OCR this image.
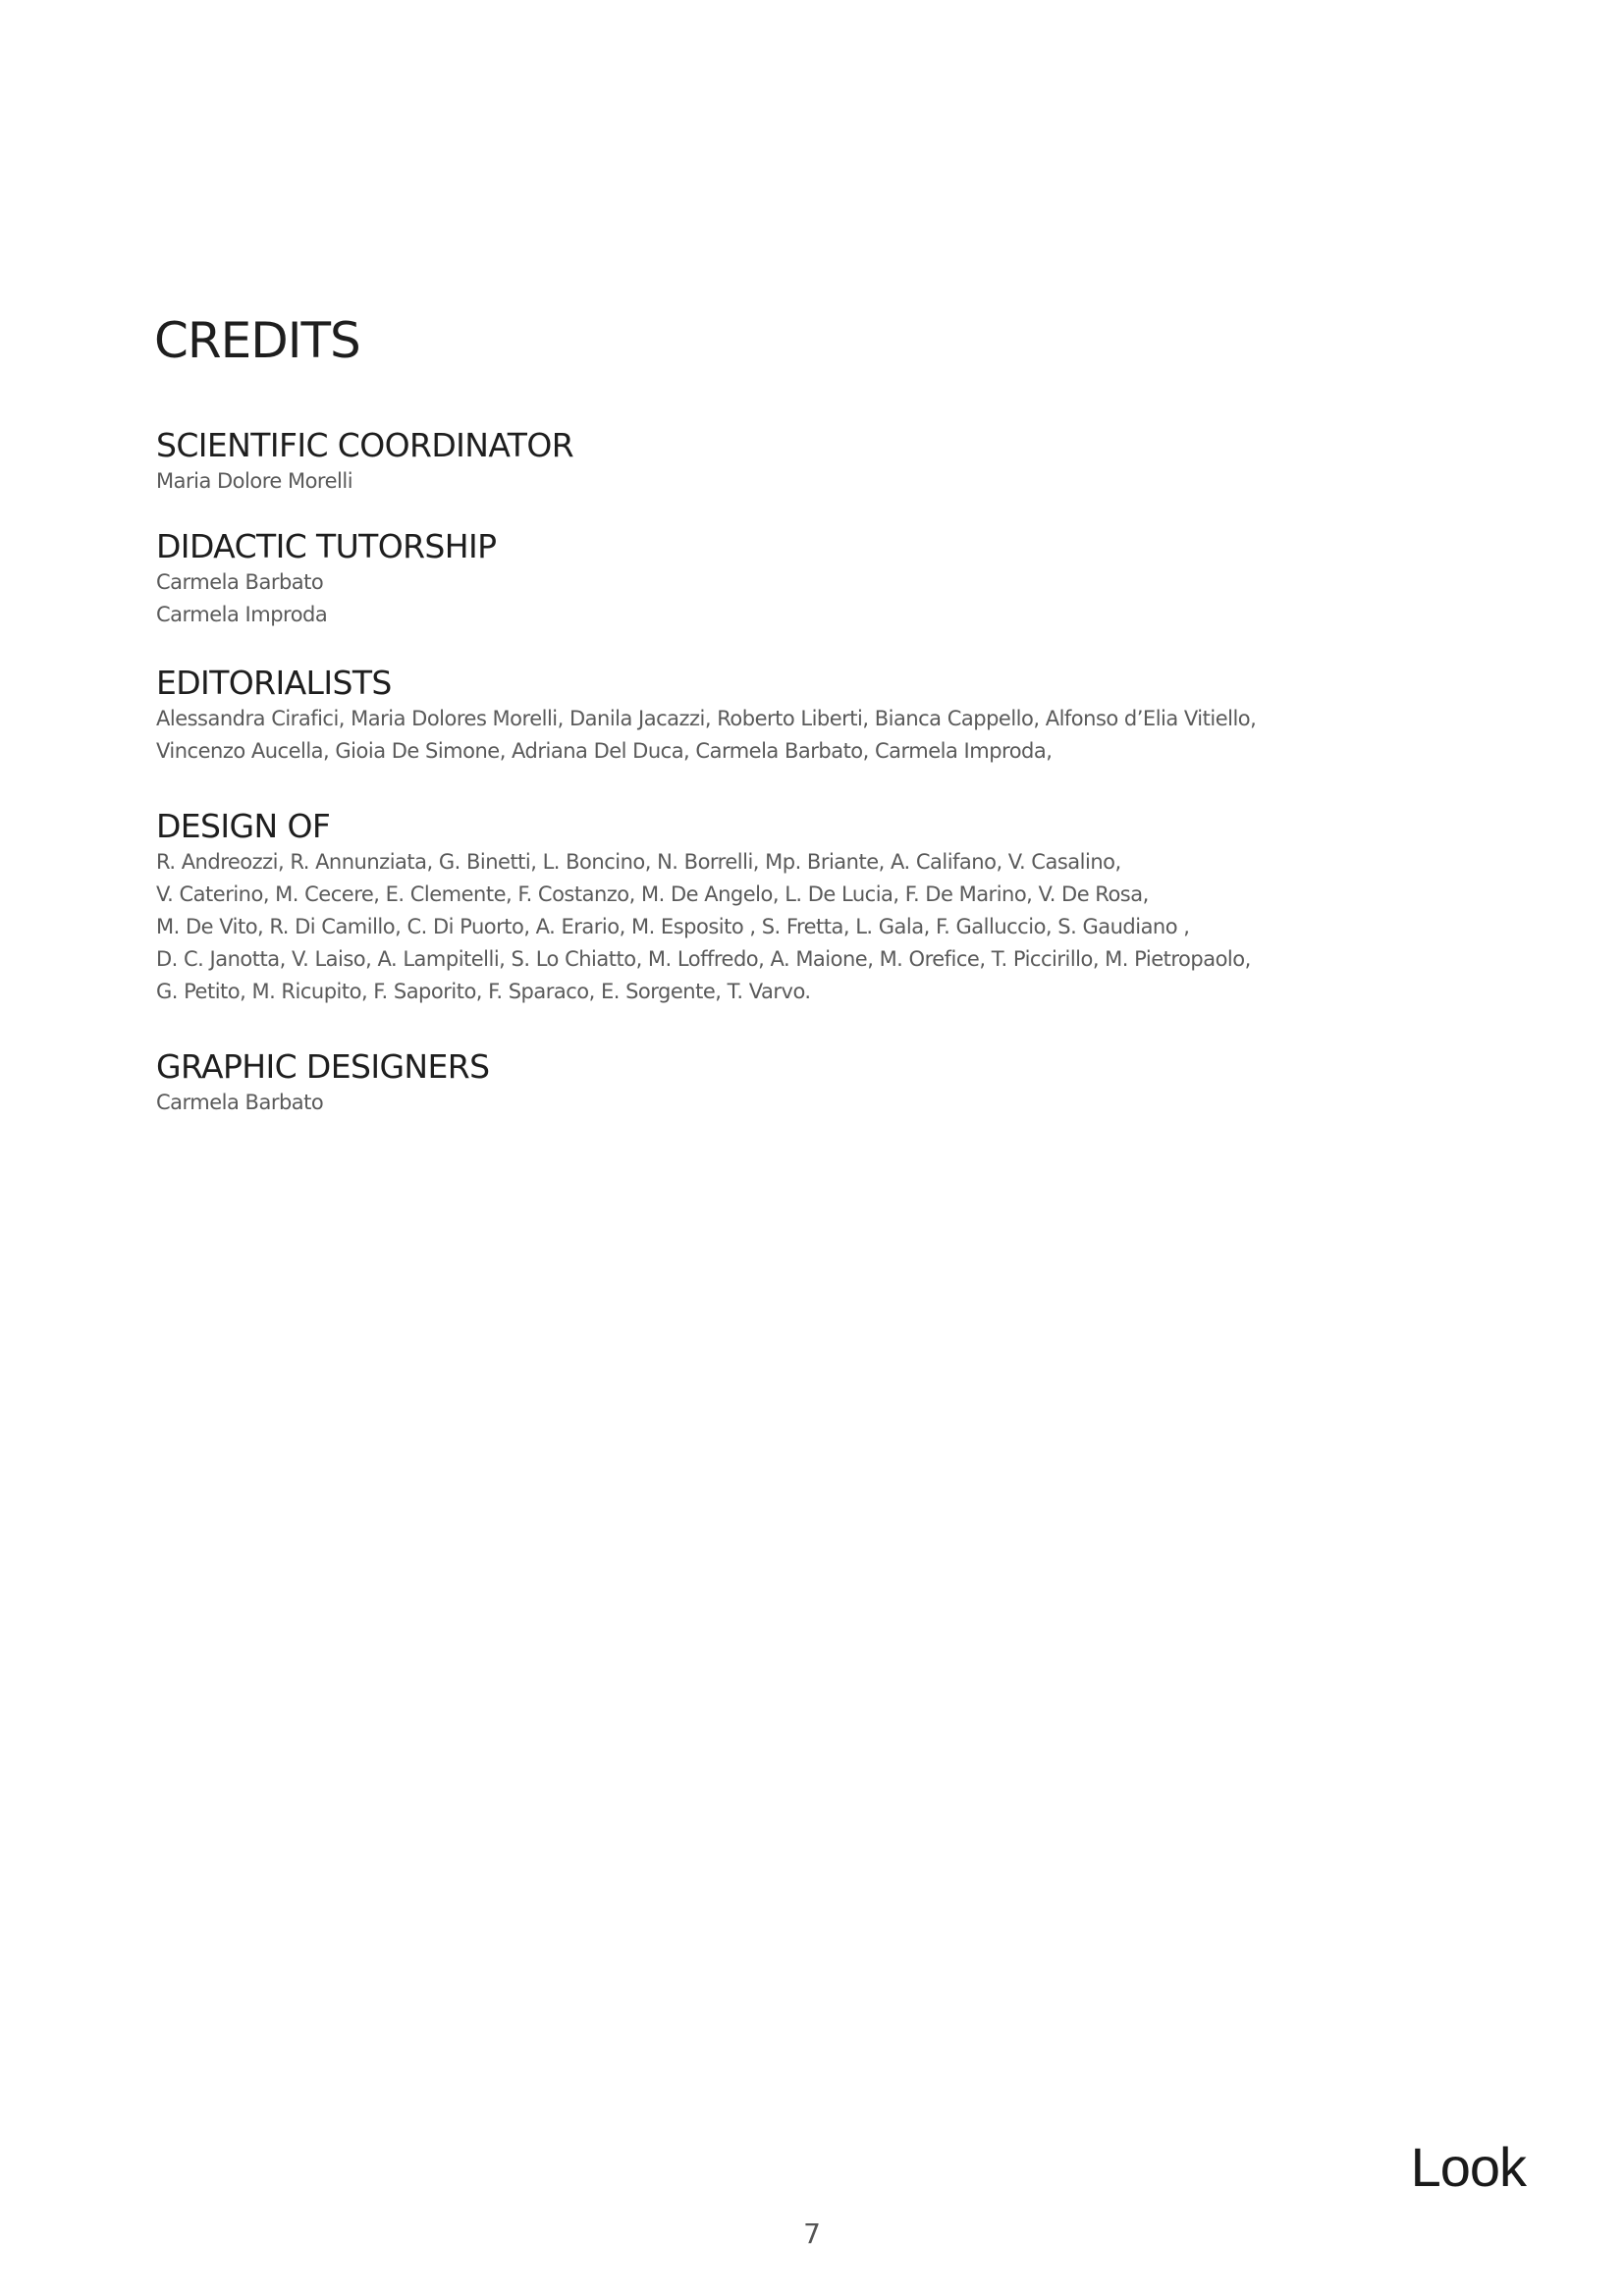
CREDITS
SCIENTIFIC COORDINATOR
Maria Dolore Morelli
DIDACTIC TUTORSHIP
Carmela Barbato
Carmela Improda
EDITORIALISTS
Alessandra Cirafici, Maria Dolores Morelli, Danila Jacazzi, Roberto Liberti, Bianca Cappello, Alfonso d’Elia Vitiello,
Vincenzo Aucella, Gioia De Simone, Adriana Del Duca, Carmela Barbato, Carmela Improda,
DESIGN OF
R. Andreozzi, R. Annunziata, G. Binetti, L. Boncino, N. Borrelli, Mp. Briante, A. Califano, V. Casalino,
V. Caterino, M. Cecere, E. Clemente, F. Costanzo, M. De Angelo, L. De Lucia, F. De Marino, V. De Rosa,
M. De Vito, R. Di Camillo, C. Di Puorto, A. Erario, M. Esposito , S. Fretta, L. Gala, F. Galluccio, S. Gaudiano ,
D. C. Janotta, V. Laiso, A. Lampitelli, S. Lo Chiatto, M. Loffredo, A. Maione, M. Orefice, T. Piccirillo, M. Pietropaolo,
G. Petito, M. Ricupito, F. Saporito, F. Sparaco, E. Sorgente, T. Varvo.
GRAPHIC DESIGNERS
Carmela Barbato
Look
7
